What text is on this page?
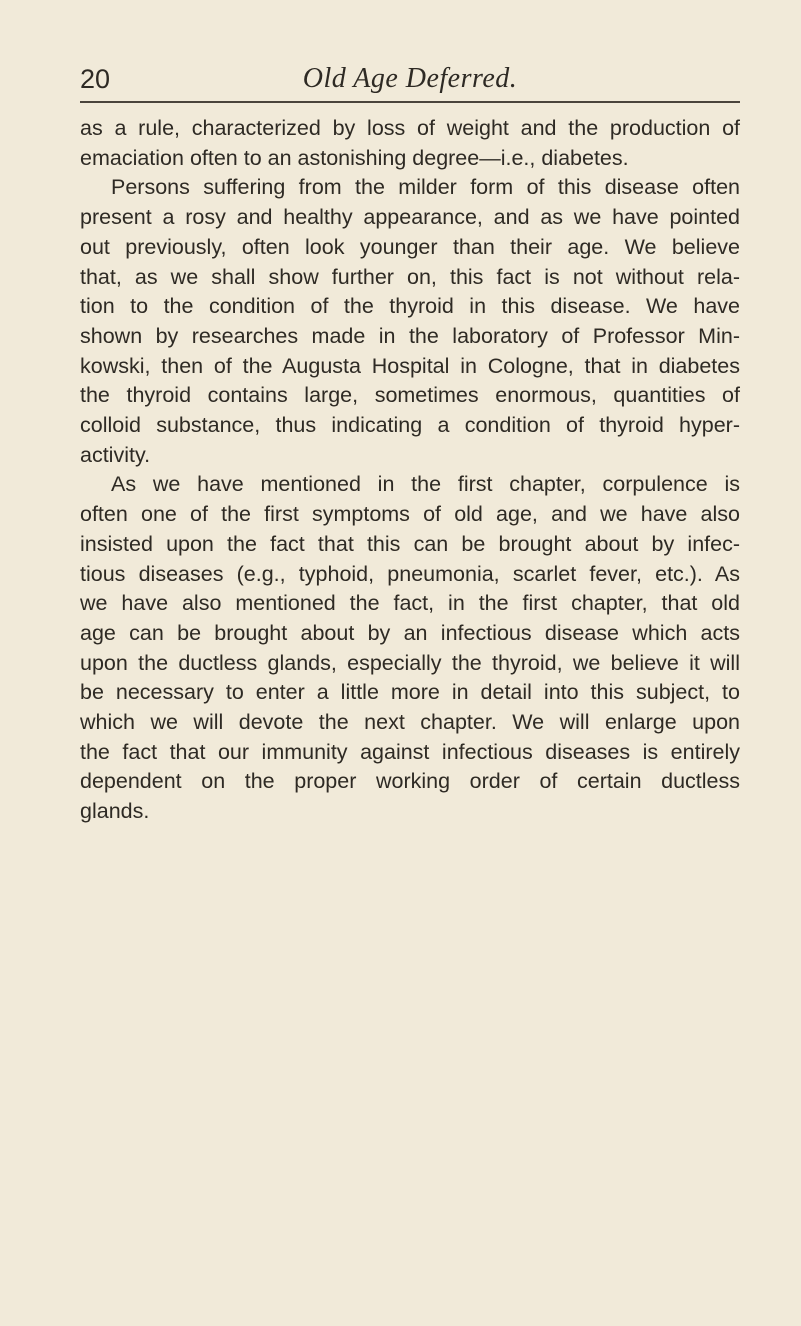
20	Old Age Deferred.
as a rule, characterized by loss of weight and the production of
emaciation often to an astonishing degree—i.e., diabetes.
Persons suffering from the milder form of this disease often
present a rosy and healthy appearance, and as we have pointed
out previously, often look younger than their age. We believe
that, as we shall show further on, this fact is not without rela-
tion to the condition of the thyroid in this disease. We have
shown by researches made in the laboratory of Professor Min-
kowski, then of the Augusta Hospital in Cologne, that in diabetes
the thyroid contains large, sometimes enormous, quantities of
colloid substance, thus indicating a condition of thyroid hyper-
activity.
As we have mentioned in the first chapter, corpulence is
often one of the first symptoms of old age, and we have also
insisted upon the fact that this can be brought about by infec-
tious diseases (e.g., typhoid, pneumonia, scarlet fever, etc.). As
we have also mentioned the fact, in the first chapter, that old
age can be brought about by an infectious disease which acts
upon the ductless glands, especially the thyroid, we believe it will
be necessary to enter a little more in detail into this subject, to
which we will devote the next chapter. We will enlarge upon
the fact that our immunity against infectious diseases is entirely
dependent on the proper working order of certain ductless
glands.
